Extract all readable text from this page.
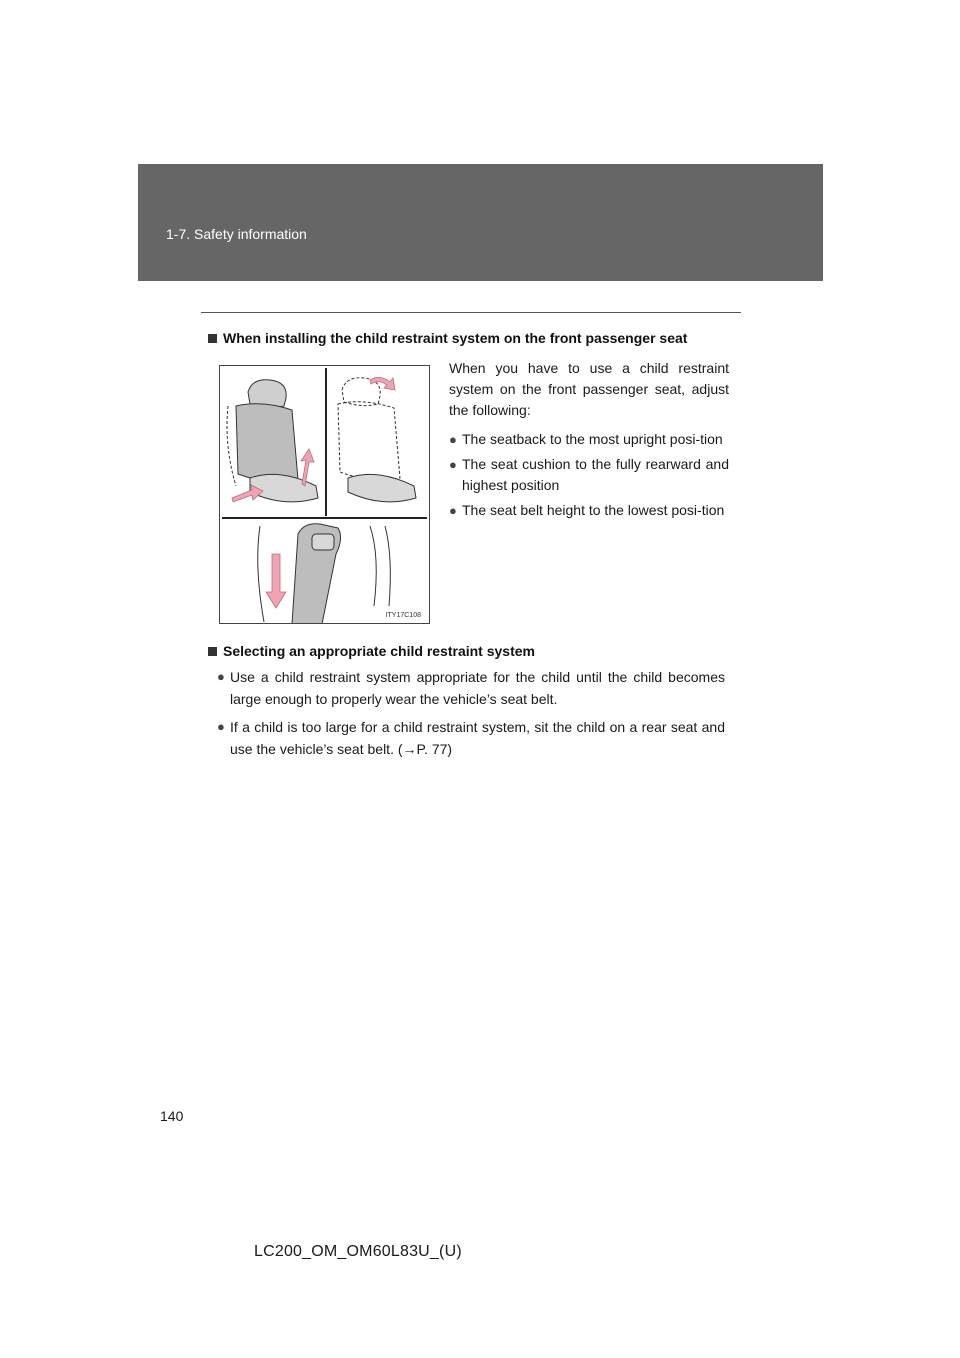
1-7. Safety information
When installing the child restraint system on the front passenger seat
ITY17C108

When you have to use a child restraint system on the front passenger seat, adjust the following:

● The seatback to the most upright posi-tion
● The seat cushion to the fully rearward and highest position
● The seat belt height to the lowest posi-tion
Selecting an appropriate child restraint system
● Use a child restraint system appropriate for the child until the child becomes large enough to properly wear the vehicle’s seat belt.
● If a child is too large for a child restraint system, sit the child on a rear seat and use the vehicle’s seat belt. (→P. 77)
140
LC200_OM_OM60L83U_(U)
